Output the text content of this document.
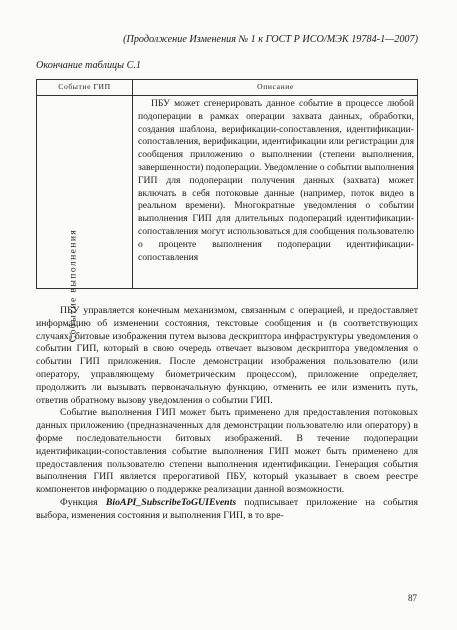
(Продолжение Изменения № 1 к ГОСТ Р ИСО/МЭК 19784-1—2007)
Окончание таблицы С.1
Событие ГИП	Описание
Событие выполнения

ПБУ может сгенерировать данное событие в процессе любой подоперации в рамках операции захвата данных, обработки, создания шаблона, верификации-сопоставления, идентификации-сопоставления, верификации, идентификации или регистрации для сообщения приложению о выполнении (степени выполнения, завершенности) подоперации. Уведомление о событии выполнения ГИП для подоперации получения данных (захвата) может включать в себя потоковые данные (например, поток видео в реальном времени). Многократные уведомления о событии выполнения ГИП для длительных подопераций идентификации-сопоставления могут использоваться для сообщения пользователю о проценте выполнения подоперации идентификации-сопоставления

ПБУ управляется конечным механизмом, связанным с операцией, и предоставляет информацию об изменении состояния, текстовые сообщения и (в соответствующих случаях) битовые изображения путем вызова дескриптора инфраструктуры уведомления о событии ГИП, который в свою очередь отвечает вызовом дескриптора уведомления о событии ГИП приложения. После демонстрации изображения пользователю (или оператору, управляющему биометрическим процессом), приложение определяет, продолжить ли вызывать первоначальную функцию, отменить ее или изменить путь, ответив обратному вызову уведомления о событии ГИП.

Событие выполнения ГИП может быть применено для предоставления потоковых данных приложению (предназначенных для демонстрации пользователю или оператору) в форме последовательности битовых изображений. В течение подоперации идентификации-сопоставления событие выполнения ГИП может быть применено для предоставления пользователю степени выполнения идентификации. Генерация события выполнения ГИП является прерогативой ПБУ, который указывает в своем реестре компонентов информацию о поддержке реализации данной возможности.

Функция BioAPI_SubscribeToGUIEvents подписывает приложение на события выбора, изменения состояния и выполнения ГИП, в то вре-

87
